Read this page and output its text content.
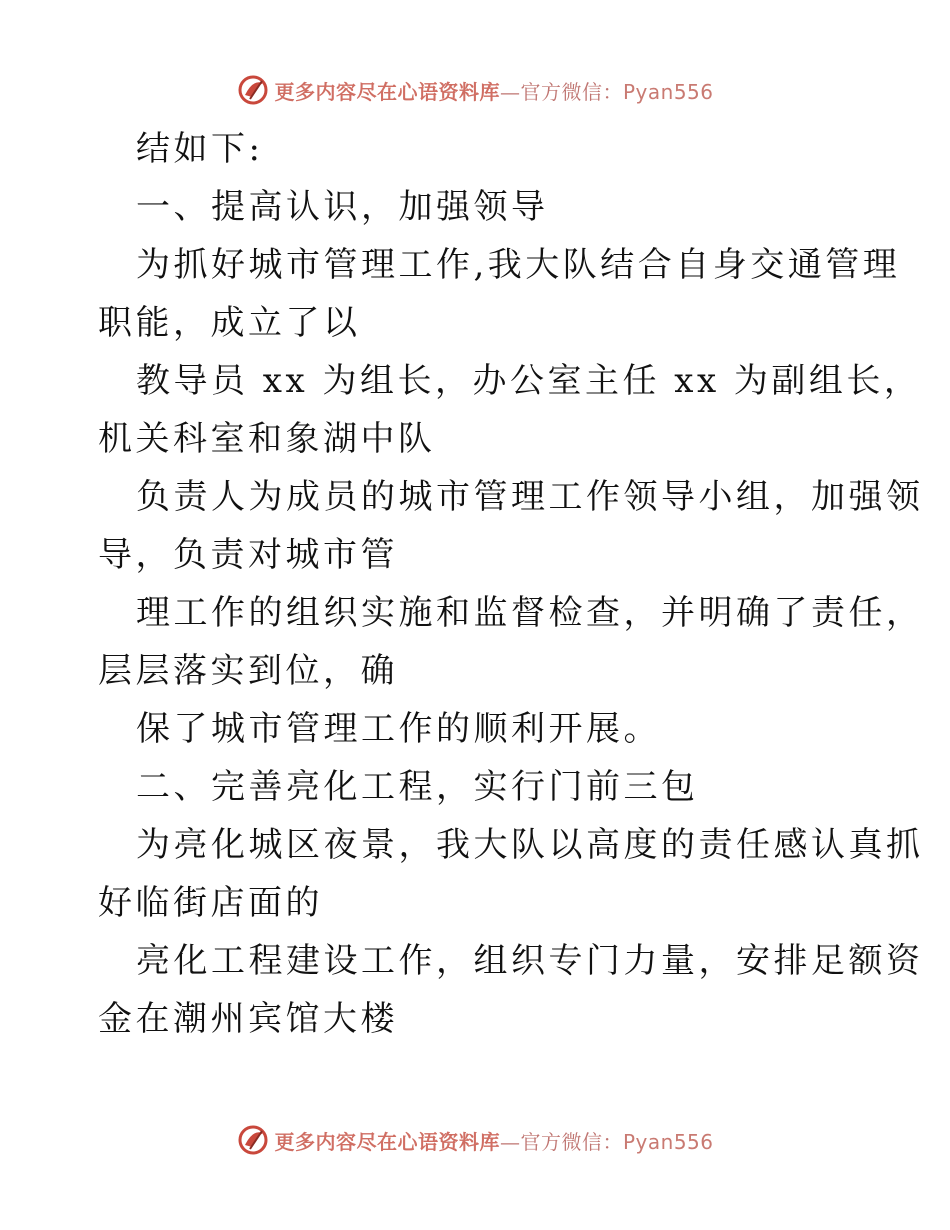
更多内容尽在心语资料库—官方微信：Pyan556
结如下:
一、提高认识，加强领导
为抓好城市管理工作,我大队结合自身交通管理
职能，成立了以
教导员 xx 为组长，办公室主任 xx 为副组长，
机关科室和象湖中队
负责人为成员的城市管理工作领导小组，加强领
导，负责对城市管
理工作的组织实施和监督检查，并明确了责任，
层层落实到位，确
保了城市管理工作的顺利开展。
二、完善亮化工程，实行门前三包
为亮化城区夜景，我大队以高度的责任感认真抓
好临街店面的
亮化工程建设工作，组织专门力量，安排足额资
金在潮州宾馆大楼
更多内容尽在心语资料库—官方微信：Pyan556
